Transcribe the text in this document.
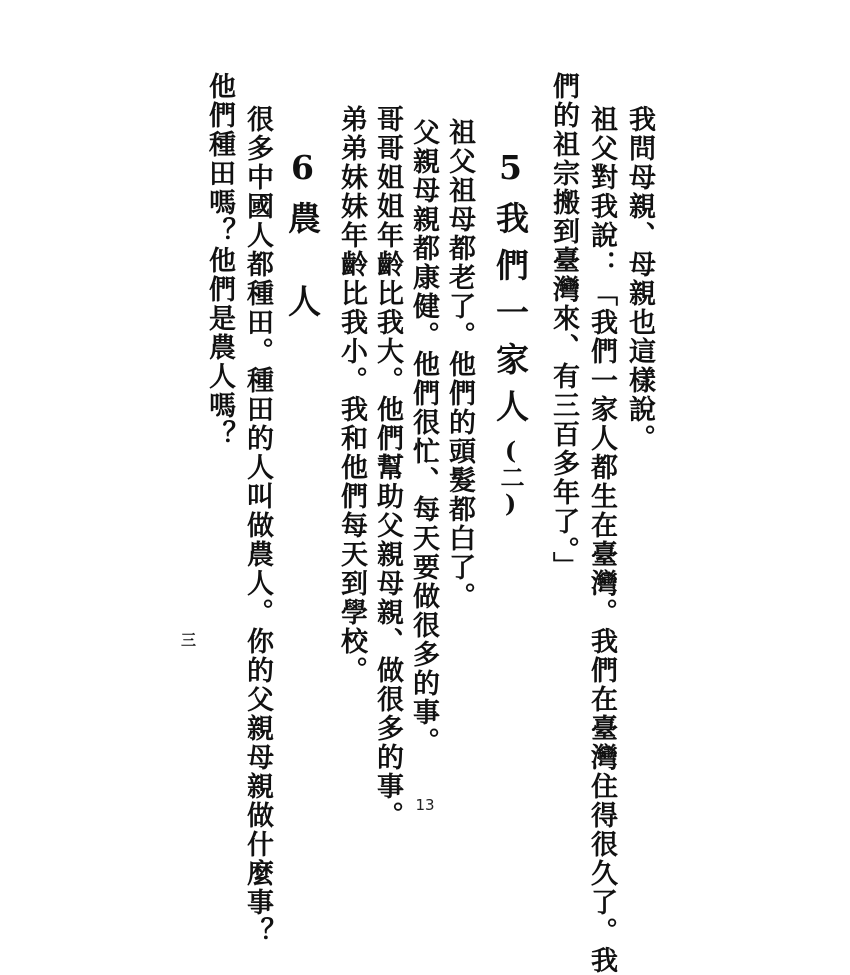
我問母親、母親也這樣說。
祖父對我說：「我們一家人都生在臺灣。我們在臺灣住得很久了。我
們的祖宗搬到臺灣來、有三百多年了。」
5我們一家人(二)
祖父祖母都老了。他們的頭髮都白了。
父親母親都康健。他們很忙、每天要做很多的事。
哥哥姐姐年齡比我大。他們幫助父親母親、做很多的事。
弟弟妹妹年齡比我小。我和他們每天到學校。
6農人
很多中國人都種田。種田的人叫做農人。你的父親母親做什麼事？
他們種田嗎？他們是農人嗎？
三
13
